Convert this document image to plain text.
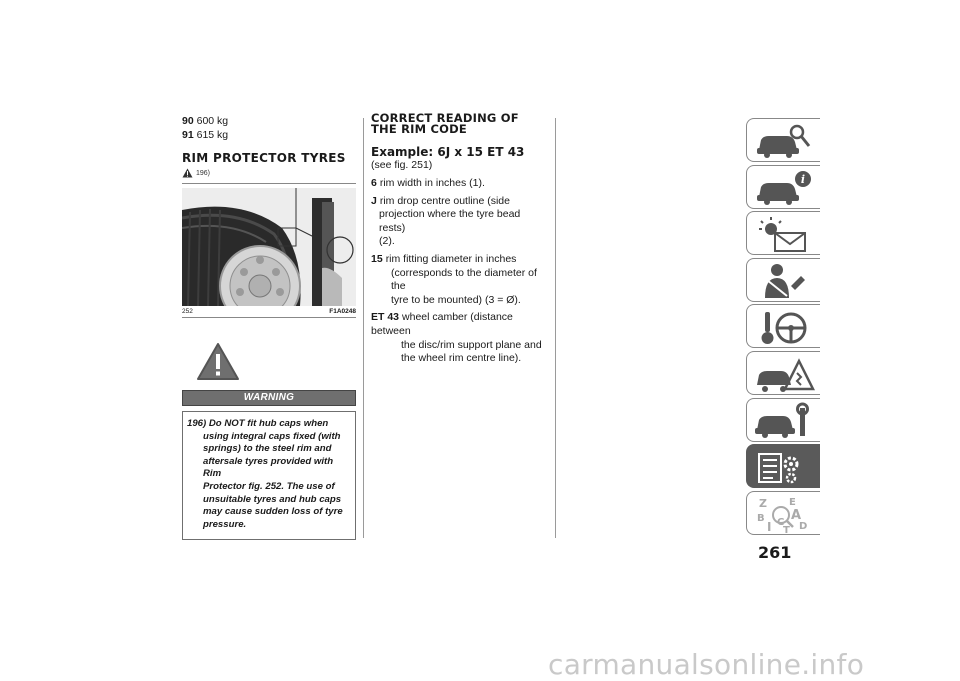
90 600 kg
91 615 kg
RIM PROTECTOR TYRES
196)
252	F1A0248
WARNING
196) Do NOT fit hub caps when
using integral caps fixed (with
springs) to the steel rim and
aftersale tyres provided with Rim
Protector fig. 252. The use of
unsuitable tyres and hub caps
may cause sudden loss of tyre
pressure.
CORRECT READING OF
THE RIM CODE
Example: 6J x 15 ET 43
(see fig. 251)
6 rim width in inches (1).
J rim drop centre outline (side
projection where the tyre bead rests)
(2).
15 rim fitting diameter in inches
(corresponds to the diameter of the
tyre to be mounted) (3 = Ø).
ET 43 wheel camber (distance between
the disc/rim support plane and
the wheel rim centre line).
i
Z E
B A
I C D
T
261
carmanualsonline.info
